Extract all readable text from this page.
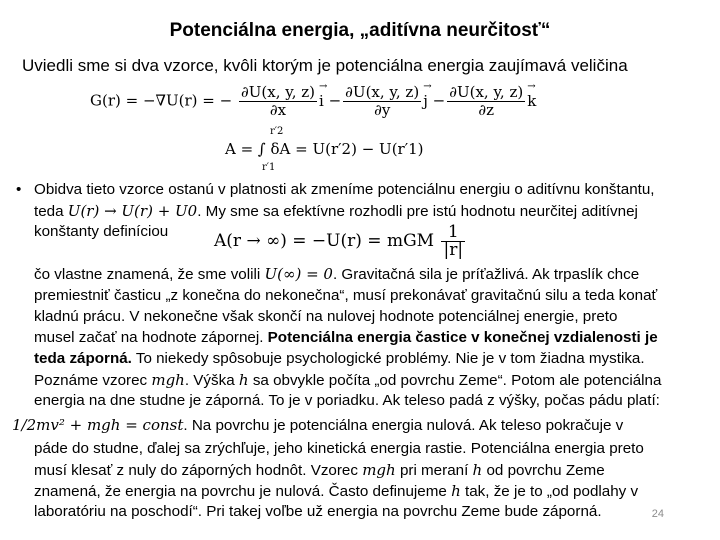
Potenciálna energia, „aditívna neurčitosť“
Uviedli sme si dva vzorce, kvôli ktorým je potenciálna energia zaujímavá veličina
G(r) = −∇U(r) = − $\frac{\partial U(x, y, z)}{\partial x}$
→ $i - \frac{\partial U(x, y, z)}{\partial y}$
→ $j - \frac{\partial U(x, y, z)}{\partial z}$
→ k
A = ∫ δA = U(r′2) − U(r′1)
r′2
r′1
• Obidva tieto vzorce ostanú v platnosti ak zmeníme potenciálnu energiu o aditívnu konštantu,
teda U(r) → U(r) + U0. My sme sa efektívne rozhodli pre istú hodnotu neurčitej aditívnej
konštanty definíciou	A(r → ∞) = −U(r) = mGM $\frac{1}{|r|}$
čo vlastne znamená, že sme volili U(∞) = 0. Gravitačná sila je príťažlivá. Ak trpaslík chce
premiestniť časticu „z konečna do nekonečna“, musí prekonávať gravitačnú silu a teda konať
kladnú prácu. V nekonečne však skončí na nulovej hodnote potenciálnej energie, preto
musel začať na hodnote zápornej. Potenciálna energia častice v konečnej vzdialenosti je
teda záporná. To niekedy spôsobuje psychologické problémy. Nie je v tom žiadna mystika.
Poznáme vzorec mgh. Výška h sa obvykle počíta „od povrchu Zeme“. Potom ale potenciálna
energia na dne studne je záporná. To je v poriadku. Ak teleso padá z výšky, počas pádu platí:
1/2mv² + mgh = const. Na povrchu je potenciálna energia nulová. Ak teleso pokračuje v
páde do studne, ďalej sa zrýchľuje, jeho kinetická energia rastie. Potenciálna energia preto
musí klesať z nuly do záporných hodnôt. Vzorec mgh pri meraní h od povrchu Zeme
znamená, že energia na povrchu je nulová. Často definujeme h tak, že je to „od podlahy v
laboratóriu na poschodí“. Pri takej voľbe už energia na povrchu Zeme bude záporná.	24
